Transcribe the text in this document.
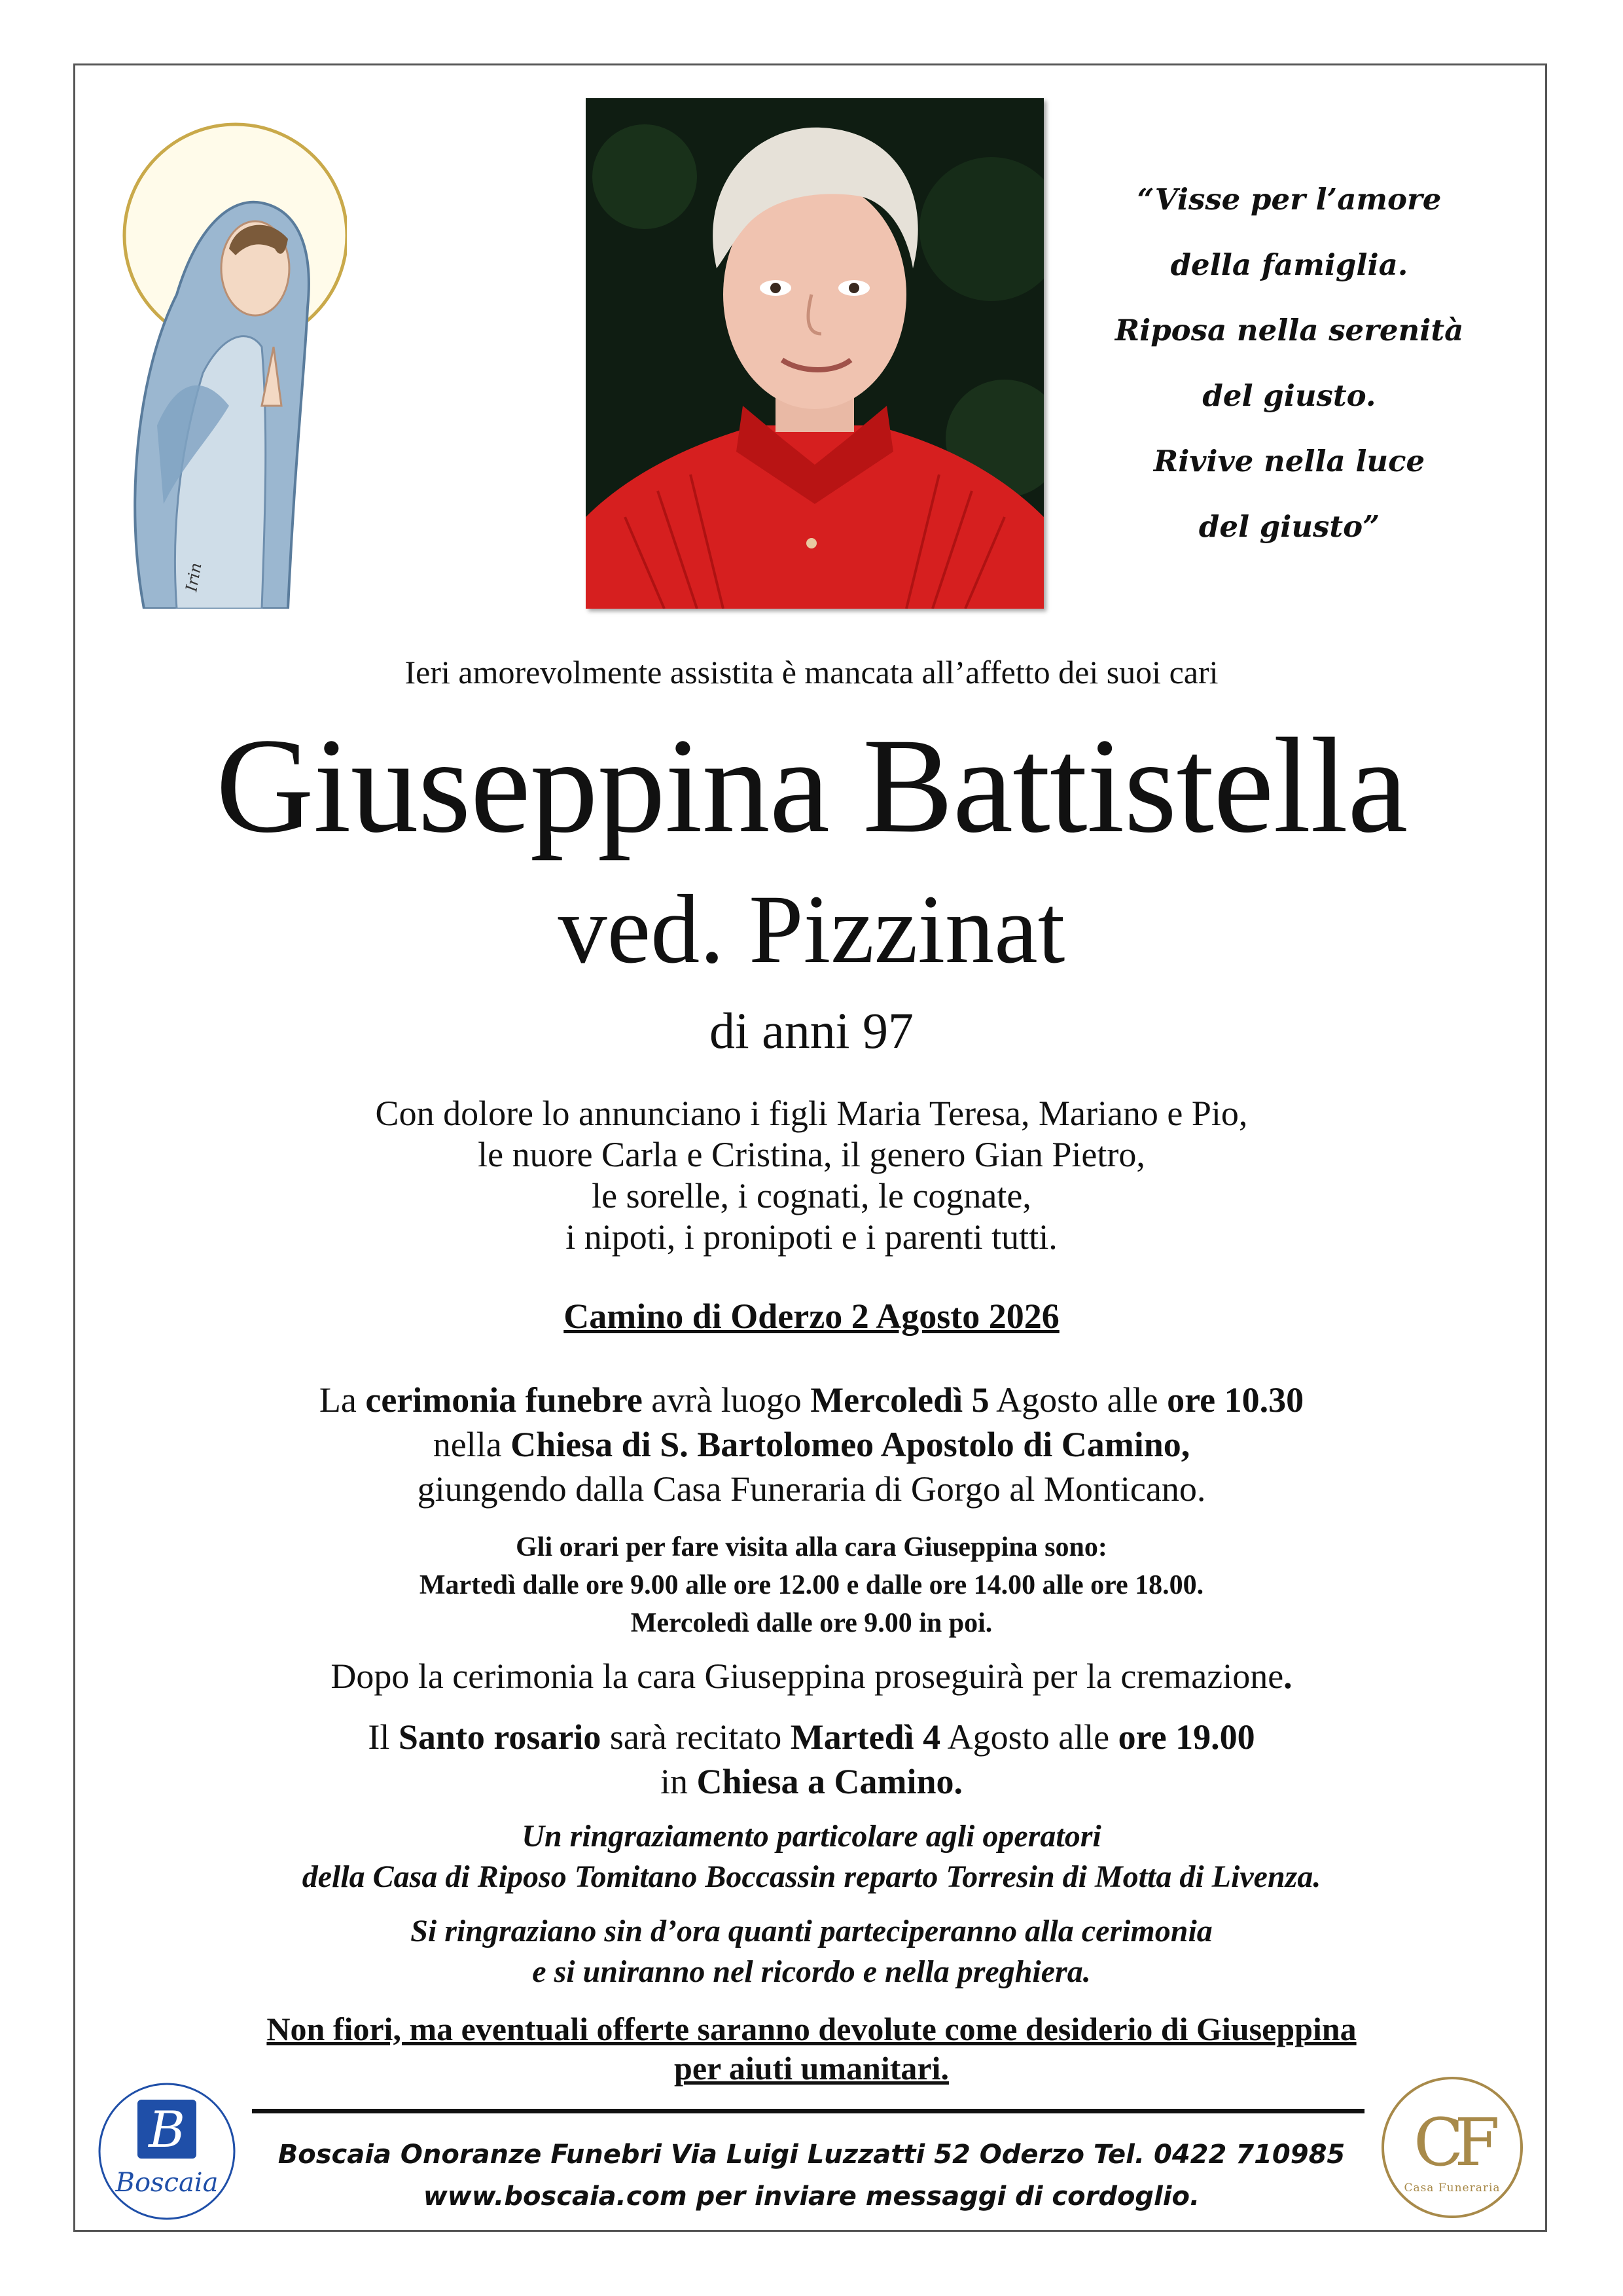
Irin
“Visse per l’amore
della famiglia.
Riposa nella serenità
del giusto.
Rivive nella luce
del giusto”
Ieri amorevolmente assistita è mancata all’affetto dei suoi cari
Giuseppina Battistella
ved. Pizzinat
di anni 97
Con dolore lo annunciano i figli Maria Teresa, Mariano e Pio,
le nuore Carla e Cristina, il genero Gian Pietro,
le sorelle, i cognati, le cognate,
i nipoti, i pronipoti e i parenti tutti.
Camino di Oderzo 2 Agosto 2026
La cerimonia funebre avrà luogo Mercoledì 5 Agosto alle ore 10.30
nella Chiesa di S. Bartolomeo Apostolo di Camino,
giungendo dalla Casa Funeraria di Gorgo al Monticano.
Gli orari per fare visita alla cara Giuseppina sono:
Martedì dalle ore 9.00 alle ore 12.00 e dalle ore 14.00 alle ore 18.00.
Mercoledì dalle ore 9.00 in poi.
Dopo la cerimonia la cara Giuseppina proseguirà per la cremazione.
Il Santo rosario sarà recitato Martedì 4 Agosto alle ore 19.00
in Chiesa a Camino.
Un ringraziamento particolare agli operatori
della Casa di Riposo Tomitano Boccassin reparto Torresin di Motta di Livenza.
Si ringraziano sin d’ora quanti parteciperanno alla cerimonia
e si uniranno nel ricordo e nella preghiera.
Non fiori, ma eventuali offerte saranno devolute come desiderio di Giuseppina
per aiuti umanitari.
B
Boscaia
Boscaia Onoranze Funebri Via Luigi Luzzatti 52 Oderzo Tel. 0422 710985
www.boscaia.com per inviare messaggi di cordoglio.
CF
Casa Funeraria
